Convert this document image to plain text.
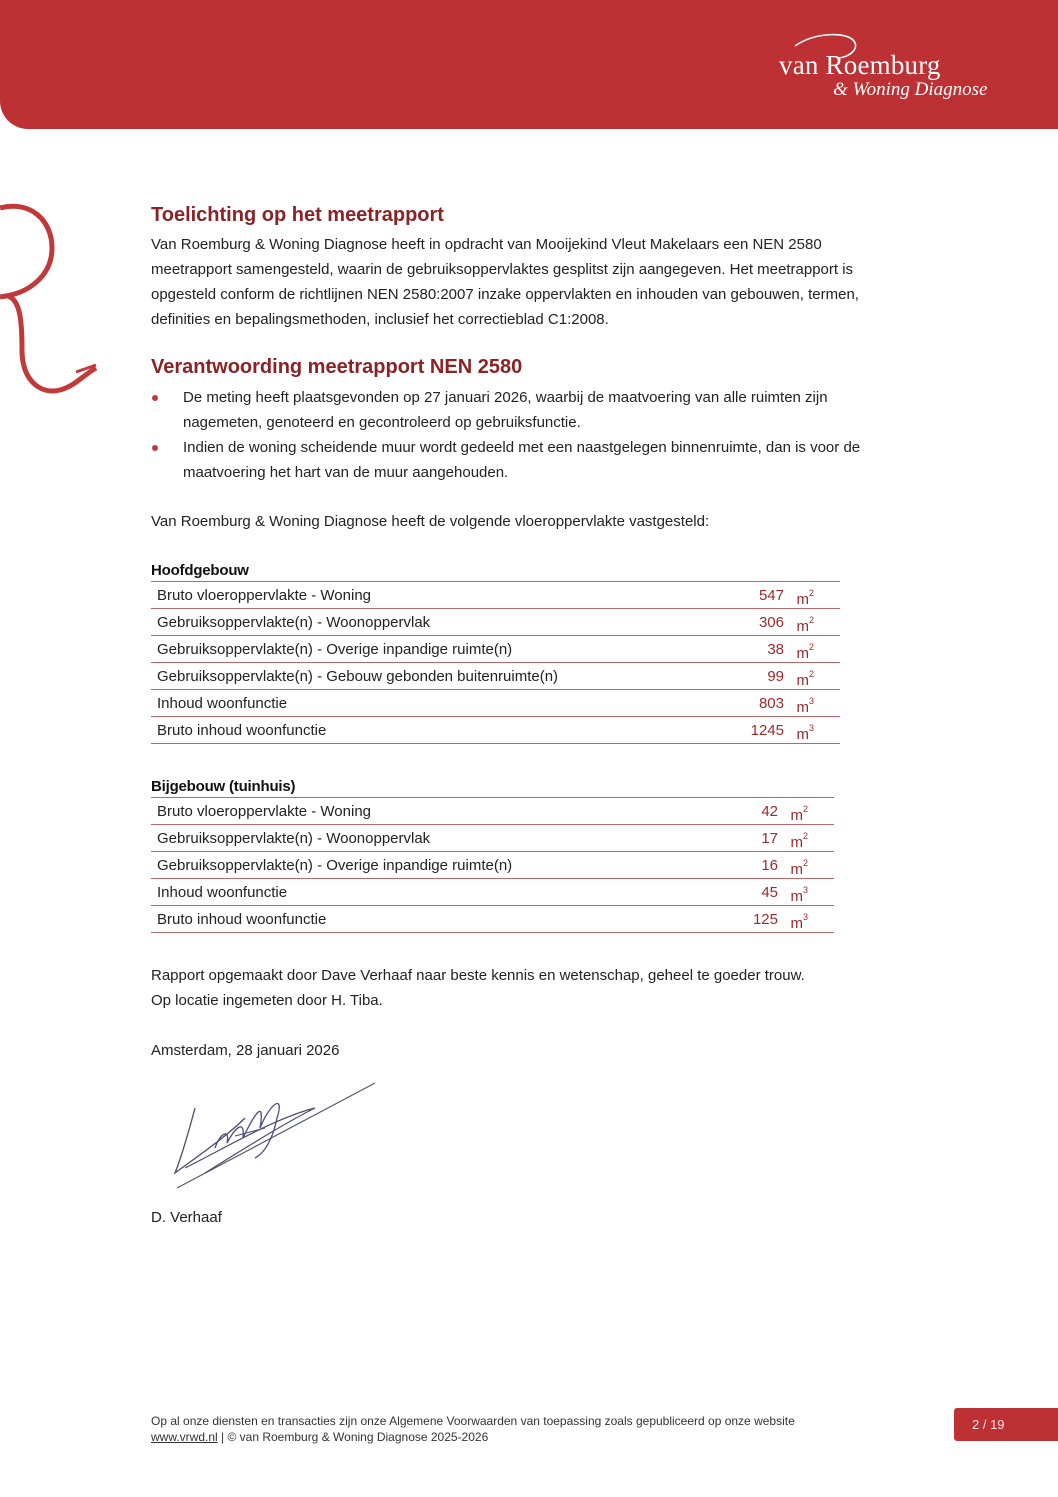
van Roemburg
& Woning Diagnose
Toelichting op het meetrapport
Van Roemburg & Woning Diagnose heeft in opdracht van Mooijekind Vleut Makelaars een NEN 2580 meetrapport samengesteld, waarin de gebruiksoppervlaktes gesplitst zijn aangegeven. Het meetrapport is opgesteld conform de richtlijnen NEN 2580:2007 inzake oppervlakten en inhouden van gebouwen, termen, definities en bepalingsmethoden, inclusief het correctieblad C1:2008.
Verantwoording meetrapport NEN 2580
De meting heeft plaatsgevonden op 27 januari 2026, waarbij de maatvoering van alle ruimten zijn nagemeten, genoteerd en gecontroleerd op gebruiksfunctie.
Indien de woning scheidende muur wordt gedeeld met een naastgelegen binnenruimte, dan is voor de maatvoering het hart van de muur aangehouden.
Van Roemburg & Woning Diagnose heeft de volgende vloeroppervlakte vastgesteld:
Hoofdgebouw
Bruto vloeroppervlakte - Woning	547 $m^2$
Gebruiksoppervlakte(n) - Woonoppervlak	306 $m^2$
Gebruiksoppervlakte(n) - Overige inpandige ruimte(n)	38 $m^2$
Gebruiksoppervlakte(n) - Gebouw gebonden buitenruimte(n)	99 $m^2$
Inhoud woonfunctie	803 $m^3$
Bruto inhoud woonfunctie	1245 $m^3$
Bijgebouw (tuinhuis)
Bruto vloeroppervlakte - Woning	42 $m^2$
Gebruiksoppervlakte(n) - Woonoppervlak	17 $m^2$
Gebruiksoppervlakte(n) - Overige inpandige ruimte(n)	16 $m^2$
Inhoud woonfunctie	45 $m^3$
Bruto inhoud woonfunctie	125 $m^3$
Rapport opgemaakt door Dave Verhaaf naar beste kennis en wetenschap, geheel te goeder trouw.
Op locatie ingemeten door H. Tiba.
Amsterdam, 28 januari 2026
D. Verhaaf
Op al onze diensten en transacties zijn onze Algemene Voorwaarden van toepassing zoals gepubliceerd op onze website
www.vrwd.nl | © van Roemburg & Woning Diagnose 2025-2026
2 / 19
